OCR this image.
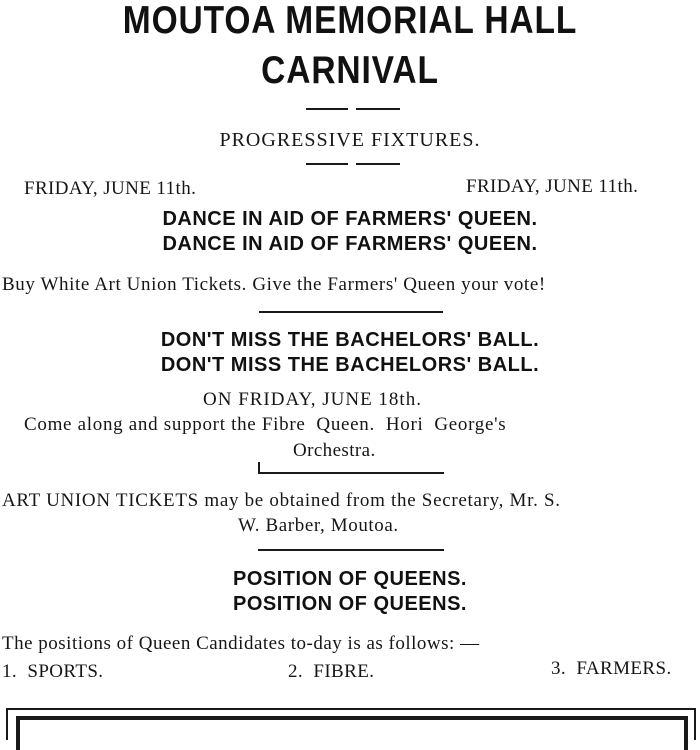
MOUTOA MEMORIAL HALL
CARNIVAL
PROGRESSIVE FIXTURES.
FRIDAY, JUNE 11th.	FRIDAY, JUNE 11th.
DANCE IN AID OF FARMERS' QUEEN.
DANCE IN AID OF FARMERS' QUEEN.
Buy White Art Union Tickets. Give the Farmers' Queen your vote!
DON'T MISS THE BACHELORS' BALL.
DON'T MISS THE BACHELORS' BALL.
ON FRIDAY, JUNE 18th.
Come along and support the Fibre  Queen.  Hori  George's
Orchestra.
ART UNION TICKETS may be obtained from the Secretary, Mr. S.
W. Barber, Moutoa.
POSITION OF QUEENS.
POSITION OF QUEENS.
The positions of Queen Candidates to-day is as follows: —
1.  SPORTS.	2.  FIBRE.	3.  FARMERS.
